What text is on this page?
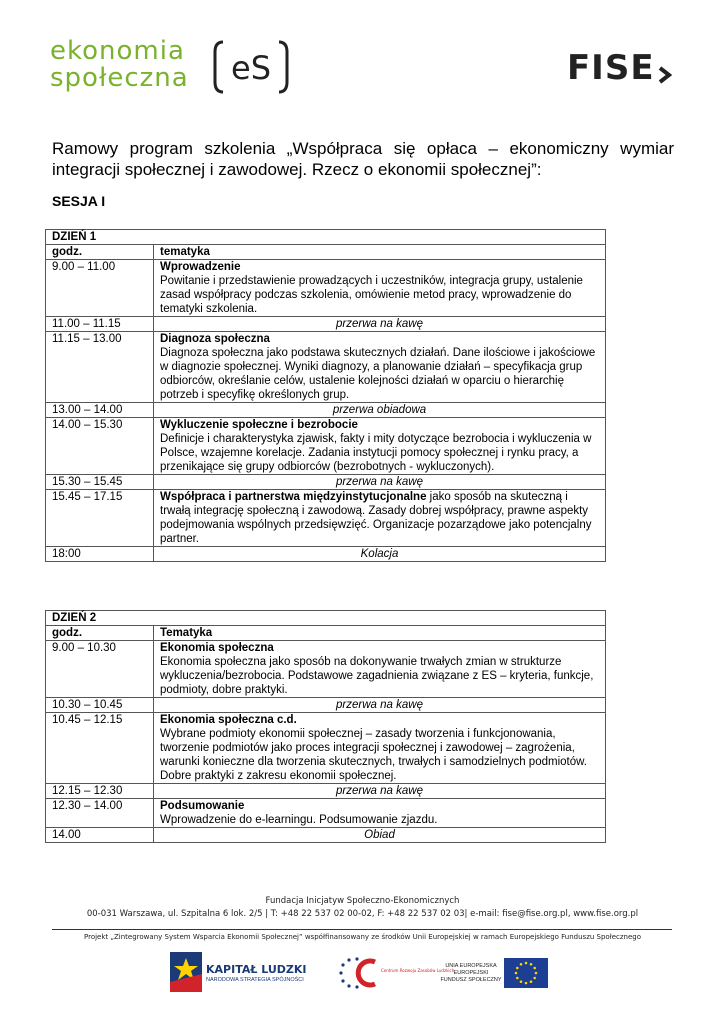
ekonomia
społeczna eS	FISE
Ramowy program szkolenia „Współpraca się opłaca – ekonomiczny wymiar integracji społecznej i zawodowej. Rzecz o ekonomii społecznej”:
SESJA I
DZIEŃ 1	
godz.	tematyka
9.00 – 11.00	Wprowadzenie
Powitanie i przedstawienie prowadzących i uczestników, integracja grupy, ustalenie zasad współpracy podczas szkolenia, omówienie metod pracy, wprowadzenie do tematyki szkolenia.

11.00 – 11.15	przerwa na kawę
11.15 – 13.00	Diagnoza społeczna
Diagnoza społeczna jako podstawa skutecznych działań. Dane ilościowe i jakościowe w diagnozie społecznej. Wyniki diagnozy, a planowanie działań – specyfikacja grup odbiorców, określanie celów, ustalenie kolejności działań w oparciu o hierarchię potrzeb i specyfikę określonych grup.

13.00 – 14.00	przerwa obiadowa
14.00 – 15.30	Wykluczenie społeczne i bezrobocie
Definicje i charakterystyka zjawisk, fakty i mity dotyczące bezrobocia i wykluczenia w Polsce, wzajemne korelacje. Zadania instytucji pomocy społecznej i rynku pracy, a przenikające się grupy odbiorców (bezrobotnych - wykluczonych).

15.30 – 15.45	przerwa na kawę
15.45 – 17.15	Współpraca i partnerstwa międzyinstytucjonalne jako sposób na skuteczną i trwałą integrację społeczną i zawodową. Zasady dobrej współpracy, prawne aspekty podejmowania wspólnych przedsięwzięć. Organizacje pozarządowe jako potencjalny partner.
18:00	Kolacja
DZIEŃ 2	
godz.	Tematyka
9.00 – 10.30	Ekonomia społeczna
Ekonomia społeczna jako sposób na dokonywanie trwałych zmian w strukturze wykluczenia/bezrobocia. Podstawowe zagadnienia związane z ES – kryteria, funkcje, podmioty, dobre praktyki.

10.30 – 10.45	przerwa na kawę
10.45 – 12.15	Ekonomia społeczna c.d.
Wybrane podmioty ekonomii społecznej – zasady tworzenia i funkcjonowania, tworzenie podmiotów jako proces integracji społecznej i zawodowej – zagrożenia, warunki konieczne dla tworzenia skutecznych, trwałych i samodzielnych podmiotów. Dobre praktyki z zakresu ekonomii społecznej.

12.15 – 12.30	przerwa na kawę
12.30 – 14.00	Podsumowanie
Wprowadzenie do e-learningu. Podsumowanie zjazdu.

14.00	Obiad
Fundacja Inicjatyw Społeczno-Ekonomicznych
00-031 Warszawa, ul. Szpitalna 6 lok. 2/5 | T: +48 22 537 02 00-02, F: +48 22 537 02 03| e-mail: fise@fise.org.pl, www.fise.org.pl
Projekt „Zintegrowany System Wsparcia Ekonomii Społecznej” współfinansowany ze środków Unii Europejskiej w ramach Europejskiego Funduszu Społecznego
KAPITAŁ LUDZKI
NARODOWA STRATEGIA SPÓJNOŚCI
Centrum Rozwoju Zasobów Ludzkich
UNIA EUROPEJSKA EUROPEJSKI FUNDUSZ SPOŁECZNY
